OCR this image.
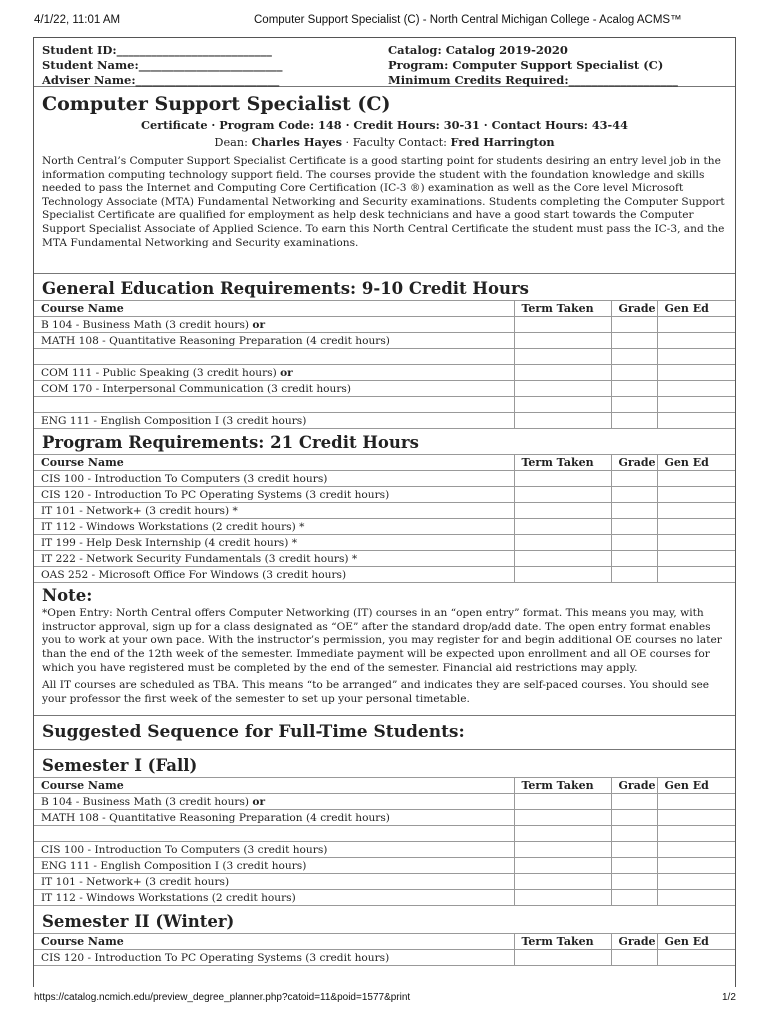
4/1/22, 11:01 AM	Computer Support Specialist (C) - North Central Michigan College - Acalog ACMS™
Student ID:___________________________
Student Name:_________________________
Adviser Name:_________________________
Catalog: Catalog 2019-2020
Program: Computer Support Specialist (C)
Minimum Credits Required:___________________
Computer Support Specialist (C)
Certificate · Program Code: 148 · Credit Hours: 30-31 · Contact Hours: 43-44
Dean: Charles Hayes · Faculty Contact: Fred Harrington
North Central’s Computer Support Specialist Certificate is a good starting point for students desiring an entry level job in the information computing technology support field. The courses provide the student with the foundation knowledge and skills needed to pass the Internet and Computing Core Certification (IC-3 ®) examination as well as the Core level Microsoft Technology Associate (MTA) Fundamental Networking and Security examinations. Students completing the Computer Support Specialist Certificate are qualified for employment as help desk technicians and have a good start towards the Computer Support Specialist Associate of Applied Science. To earn this North Central Certificate the student must pass the IC-3, and the MTA Fundamental Networking and Security examinations.
General Education Requirements: 9-10 Credit Hours
Course Name	Term Taken	Grade	Gen Ed
B 104 - Business Math (3 credit hours) or			
MATH 108 - Quantitative Reasoning Preparation (4 credit hours)			

COM 111 - Public Speaking (3 credit hours) or			
COM 170 - Interpersonal Communication (3 credit hours)			

ENG 111 - English Composition I (3 credit hours)			
Program Requirements: 21 Credit Hours
Course Name	Term Taken	Grade	Gen Ed
CIS 100 - Introduction To Computers (3 credit hours)			
CIS 120 - Introduction To PC Operating Systems (3 credit hours)			
IT 101 - Network+ (3 credit hours) *			
IT 112 - Windows Workstations (2 credit hours) *			
IT 199 - Help Desk Internship (4 credit hours) *			
IT 222 - Network Security Fundamentals (3 credit hours) *			
OAS 252 - Microsoft Office For Windows (3 credit hours)			
Note:

*Open Entry: North Central offers Computer Networking (IT) courses in an “open entry” format. This means you may, with instructor approval, sign up for a class designated as “OE” after the standard drop/add date. The open entry format enables you to work at your own pace. With the instructor’s permission, you may register for and begin additional OE courses no later than the end of the 12th week of the semester. Immediate payment will be expected upon enrollment and all OE courses for which you have registered must be completed by the end of the semester. Financial aid restrictions may apply.

All IT courses are scheduled as TBA. This means “to be arranged” and indicates they are self-paced courses. You should see your professor the first week of the semester to set up your personal timetable.

Suggested Sequence for Full-Time Students:
Semester I (Fall)
Course Name	Term Taken	Grade	Gen Ed
B 104 - Business Math (3 credit hours) or			
MATH 108 - Quantitative Reasoning Preparation (4 credit hours)			

CIS 100 - Introduction To Computers (3 credit hours)			
ENG 111 - English Composition I (3 credit hours)			
IT 101 - Network+ (3 credit hours)			
IT 112 - Windows Workstations (2 credit hours)			
Semester II (Winter)
Course Name	Term Taken	Grade	Gen Ed
CIS 120 - Introduction To PC Operating Systems (3 credit hours)			
https://catalog.ncmich.edu/preview_degree_planner.php?catoid=11&poid=1577&print	1/2
